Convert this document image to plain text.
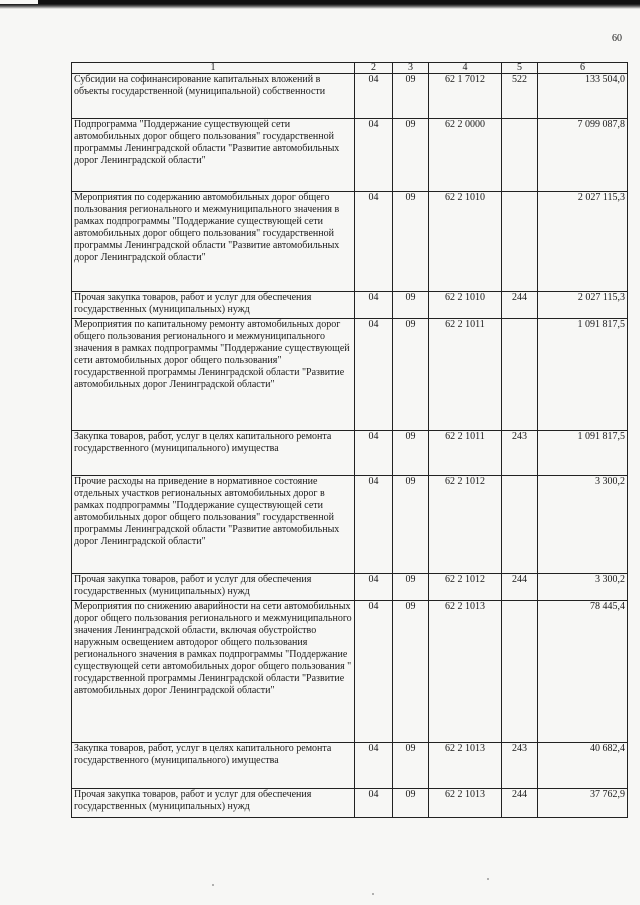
60
1	2	3	4	5	6
Субсидии на софинансирование капитальных вложений в объекты государственной (муниципальной) собственности	04	09	62 1 7012	522	133 504,0
Подпрограмма "Поддержание существующей сети автомобильных дорог общего пользования" государственной программы Ленинградской области "Развитие автомобильных дорог Ленинградской области"	04	09	62 2 0000		7 099 087,8
Мероприятия по содержанию автомобильных дорог общего пользования регионального и межмуниципального значения в рамках подпрограммы "Поддержание существующей сети автомобильных дорог общего пользования" государственной программы Ленинградской области "Развитие автомобильных дорог Ленинградской области"	04	09	62 2 1010		2 027 115,3
Прочая закупка товаров, работ и услуг для обеспечения государственных (муниципальных) нужд	04	09	62 2 1010	244	2 027 115,3
Мероприятия по капитальному ремонту автомобильных дорог общего пользования регионального и межмуниципального значения в рамках подпрограммы "Поддержание существующей сети автомобильных дорог общего пользования" государственной программы Ленинградской области "Развитие автомобильных дорог Ленинградской области"	04	09	62 2 1011		1 091 817,5
Закупка товаров, работ, услуг в целях капитального ремонта государственного (муниципального) имущества	04	09	62 2 1011	243	1 091 817,5
Прочие расходы на приведение в нормативное состояние отдельных участков региональных автомобильных дорог в рамках подпрограммы "Поддержание существующей сети автомобильных дорог общего пользования" государственной программы Ленинградской области "Развитие автомобильных дорог Ленинградской области"	04	09	62 2 1012		3 300,2
Прочая закупка товаров, работ и услуг для обеспечения государственных (муниципальных) нужд	04	09	62 2 1012	244	3 300,2
Мероприятия по снижению аварийности на сети автомобильных дорог общего пользования регионального и межмуниципального значения Ленинградской области, включая обустройство наружным освещением автодорог общего пользования регионального значения в рамках подпрограммы "Поддержание существующей сети автомобильных дорог общего пользования " государственной программы Ленинградской области "Развитие автомобильных дорог Ленинградской области"	04	09	62 2 1013		78 445,4
Закупка товаров, работ, услуг в целях капитального ремонта государственного (муниципального) имущества	04	09	62 2 1013	243	40 682,4
Прочая закупка товаров, работ и услуг для обеспечения государственных (муниципальных) нужд	04	09	62 2 1013	244	37 762,9
